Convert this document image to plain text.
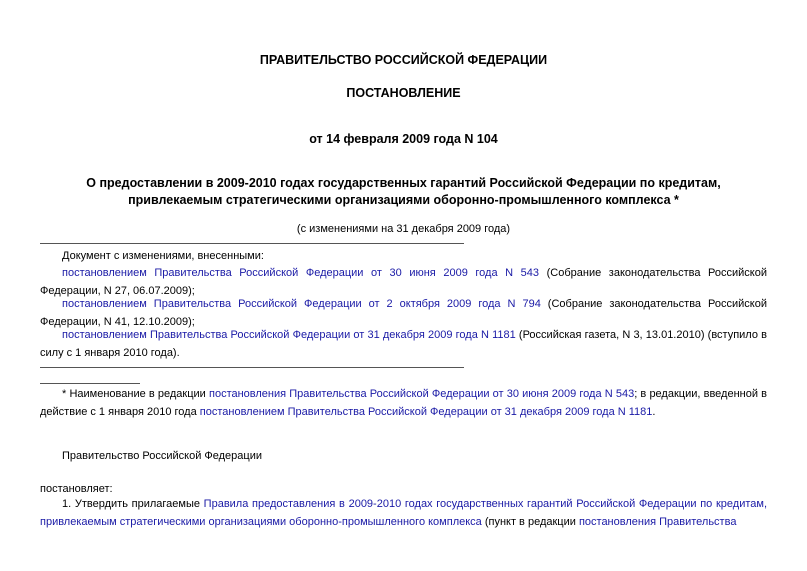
ПРАВИТЕЛЬСТВО РОССИЙСКОЙ ФЕДЕРАЦИИ
ПОСТАНОВЛЕНИЕ
от 14 февраля 2009 года N 104
О предоставлении в 2009-2010 годах государственных гарантий Российской Федерации по кредитам, привлекаемым стратегическими организациями оборонно-промышленного комплекса *
(с изменениями на 31 декабря 2009 года)
Документ с изменениями, внесенными:
постановлением Правительства Российской Федерации от 30 июня 2009 года N 543 (Собрание законодательства Российской Федерации, N 27, 06.07.2009);
постановлением Правительства Российской Федерации от 2 октября 2009 года N 794 (Собрание законодательства Российской Федерации, N 41, 12.10.2009);
постановлением Правительства Российской Федерации от 31 декабря 2009 года N 1181 (Российская газета, N 3, 13.01.2010) (вступило в силу с 1 января 2010 года).
* Наименование в редакции постановления Правительства Российской Федерации от 30 июня 2009 года N 543; в редакции, введенной в действие с 1 января 2010 года постановлением Правительства Российской Федерации от 31 декабря 2009 года N 1181.
Правительство Российской Федерации
постановляет:
1. Утвердить прилагаемые Правила предоставления в 2009-2010 годах государственных гарантий Российской Федерации по кредитам, привлекаемым стратегическими организациями оборонно-промышленного комплекса (пункт в редакции постановления Правительства
